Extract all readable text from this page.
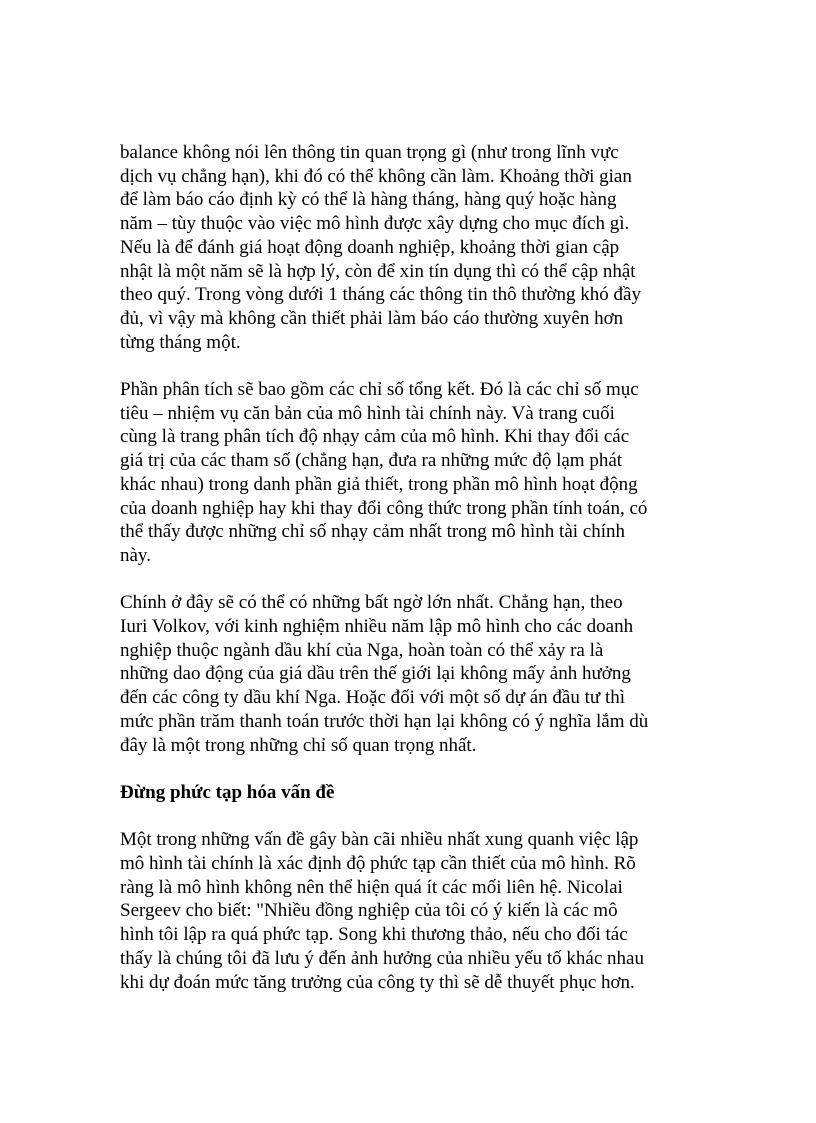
balance không nói lên thông tin quan trọng gì (như trong lĩnh vực
dịch vụ chẳng hạn), khi đó có thể không cần làm. Khoảng thời gian
để làm báo cáo định kỳ có thể là hàng tháng, hàng quý hoặc hàng
năm – tùy thuộc vào việc mô hình được xây dựng cho mục đích gì.
Nếu là để đánh giá hoạt động doanh nghiệp, khoảng thời gian cập
nhật là một năm sẽ là hợp lý, còn để xin tín dụng thì có thể cập nhật
theo quý. Trong vòng dưới 1 tháng các thông tin thô thường khó đầy
đủ, vì vậy mà không cần thiết phải làm báo cáo thường xuyên hơn
từng tháng một.

Phần phân tích sẽ bao gồm các chỉ số tổng kết. Đó là các chỉ số mục
tiêu – nhiệm vụ căn bản của mô hình tài chính này. Và trang cuối
cùng là trang phân tích độ nhạy cảm của mô hình. Khi thay đổi các
giá trị của các tham số (chẳng hạn, đưa ra những mức độ lạm phát
khác nhau) trong danh phần giả thiết, trong phần mô hình hoạt động
của doanh nghiệp hay khi thay đổi công thức trong phần tính toán, có
thể thấy được những chỉ số nhạy cảm nhất trong mô hình tài chính
này.

Chính ở đây sẽ có thể có những bất ngờ lớn nhất. Chẳng hạn, theo
Iuri Volkov, với kinh nghiệm nhiều năm lập mô hình cho các doanh
nghiệp thuộc ngành dầu khí của Nga, hoàn toàn có thể xảy ra là
những dao động của giá dầu trên thế giới lại không mấy ảnh hưởng
đến các công ty dầu khí Nga. Hoặc đối với một số dự án đầu tư thì
mức phần trăm thanh toán trước thời hạn lại không có ý nghĩa lắm dù
đây là một trong những chỉ số quan trọng nhất.

Đừng phức tạp hóa vấn đề

Một trong những vấn đề gây bàn cãi nhiều nhất xung quanh việc lập
mô hình tài chính là xác định độ phức tạp cần thiết của mô hình. Rõ
ràng là mô hình không nên thể hiện quá ít các mối liên hệ. Nicolai
Sergeev cho biết: "Nhiều đồng nghiệp của tôi có ý kiến là các mô
hình tôi lập ra quá phức tạp. Song khi thương thảo, nếu cho đối tác
thấy là chúng tôi đã lưu ý đến ảnh hưởng của nhiều yếu tố khác nhau
khi dự đoán mức tăng trưởng của công ty thì sẽ dễ thuyết phục hơn.
